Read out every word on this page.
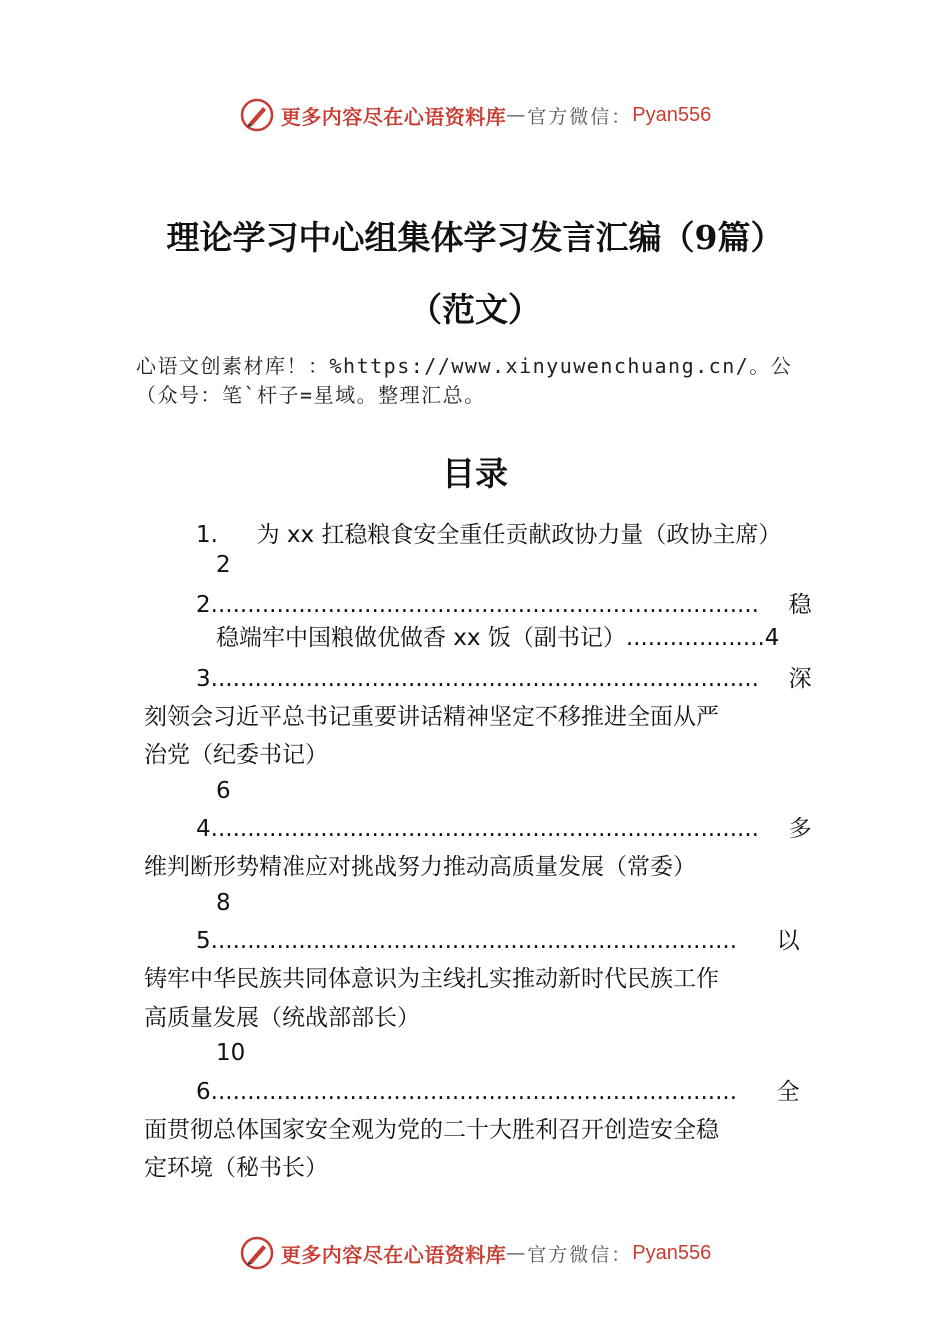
更多内容尽在心语资料库 — 官方微信： Pyan556
理论学习中心组集体学习发言汇编（9篇）
（范文）
心语文创素材库！：%https://www.xinyuwenchuang.cn/。公
（众号：笔`杆子=星域。整理汇总。
目录
1. 为 xx 扛稳粮食安全重任贡献政协力量（政协主席）
2
2........................................................................... 稳
稳端牢中国粮做优做香 xx 饭（副书记）...................4
3........................................................................... 深
刻领会习近平总书记重要讲话精神坚定不移推进全面从严
治党（纪委书记）
6
4........................................................................... 多
维判断形势精准应对挑战努力推动高质量发展（常委）
8
5........................................................................ 以
铸牢中华民族共同体意识为主线扎实推动新时代民族工作
高质量发展（统战部部长）
10
6........................................................................ 全
面贯彻总体国家安全观为党的二十大胜利召开创造安全稳
定环境（秘书长）
更多内容尽在心语资料库 — 官方微信： Pyan556
